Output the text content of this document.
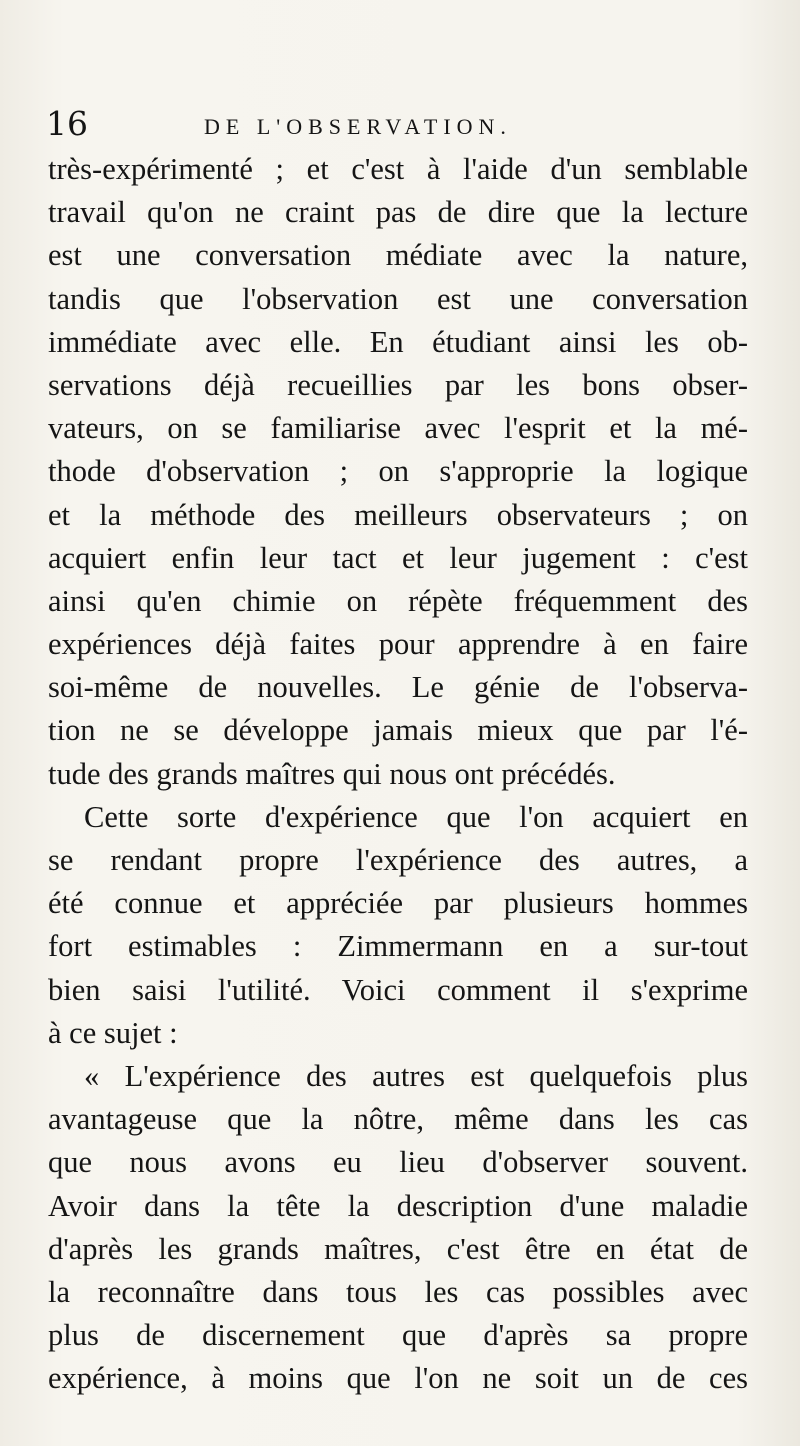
16	DE L'OBSERVATION.
très-expérimenté ; et c'est à l'aide d'un semblable
travail qu'on ne craint pas de dire que la lecture
est une conversation médiate avec la nature,
tandis que l'observation est une conversation
immédiate avec elle. En étudiant ainsi les ob-
servations déjà recueillies par les bons obser-
vateurs, on se familiarise avec l'esprit et la mé-
thode d'observation ; on s'approprie la logique
et la méthode des meilleurs observateurs ; on
acquiert enfin leur tact et leur jugement : c'est
ainsi qu'en chimie on répète fréquemment des
expériences déjà faites pour apprendre à en faire
soi-même de nouvelles. Le génie de l'observa-
tion ne se développe jamais mieux que par l'é-
tude des grands maîtres qui nous ont précédés.
Cette sorte d'expérience que l'on acquiert en
se rendant propre l'expérience des autres, a
été connue et appréciée par plusieurs hommes
fort estimables : Zimmermann en a sur-tout
bien saisi l'utilité. Voici comment il s'exprime
à ce sujet :
« L'expérience des autres est quelquefois plus
avantageuse que la nôtre, même dans les cas
que nous avons eu lieu d'observer souvent.
Avoir dans la tête la description d'une maladie
d'après les grands maîtres, c'est être en état de
la reconnaître dans tous les cas possibles avec
plus de discernement que d'après sa propre
expérience, à moins que l'on ne soit un de ces
